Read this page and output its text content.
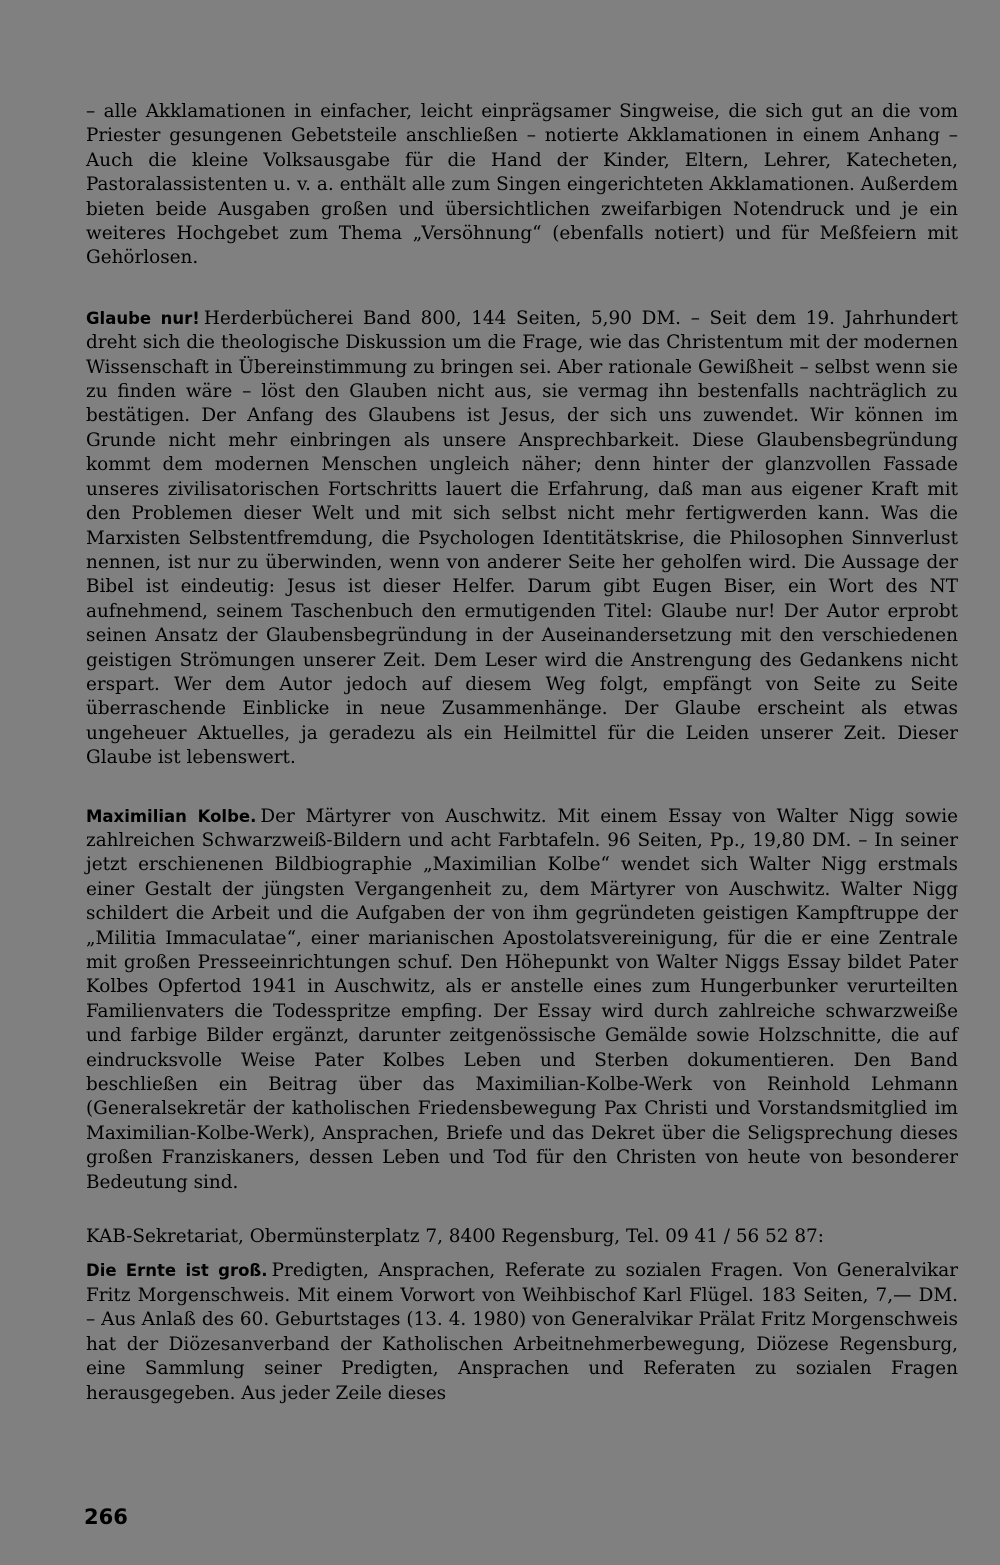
– alle Akklamationen in einfacher, leicht einprägsamer Singweise, die sich gut an die vom Priester gesungenen Gebetsteile anschließen – notierte Akklamationen in einem Anhang – Auch die kleine Volksausgabe für die Hand der Kinder, Eltern, Lehrer, Katecheten, Pastoralassistenten u. v. a. enthält alle zum Singen eingerichteten Akklamationen. Außerdem bieten beide Ausgaben großen und übersichtlichen zweifarbigen Notendruck und je ein weiteres Hochgebet zum Thema „Versöhnung“ (ebenfalls notiert) und für Meßfeiern mit Gehörlosen.

Glaube nur! Herderbücherei Band 800, 144 Seiten, 5,90 DM. – Seit dem 19. Jahrhundert dreht sich die theologische Diskussion um die Frage, wie das Christentum mit der modernen Wissenschaft in Übereinstimmung zu bringen sei. Aber rationale Gewißheit – selbst wenn sie zu finden wäre – löst den Glauben nicht aus, sie vermag ihn bestenfalls nachträglich zu bestätigen. Der Anfang des Glaubens ist Jesus, der sich uns zuwendet. Wir können im Grunde nicht mehr einbringen als unsere Ansprechbarkeit. Diese Glaubensbegründung kommt dem modernen Menschen ungleich näher; denn hinter der glanzvollen Fassade unseres zivilisatorischen Fortschritts lauert die Erfahrung, daß man aus eigener Kraft mit den Problemen dieser Welt und mit sich selbst nicht mehr fertigwerden kann. Was die Marxisten Selbstentfremdung, die Psychologen Identitätskrise, die Philosophen Sinnverlust nennen, ist nur zu überwinden, wenn von anderer Seite her geholfen wird. Die Aussage der Bibel ist eindeutig: Jesus ist dieser Helfer. Darum gibt Eugen Biser, ein Wort des NT aufnehmend, seinem Taschenbuch den ermutigenden Titel: Glaube nur! Der Autor erprobt seinen Ansatz der Glaubensbegründung in der Auseinandersetzung mit den verschiedenen geistigen Strömungen unserer Zeit. Dem Leser wird die Anstrengung des Gedankens nicht erspart. Wer dem Autor jedoch auf diesem Weg folgt, empfängt von Seite zu Seite überraschende Einblicke in neue Zusammenhänge. Der Glaube erscheint als etwas ungeheuer Aktuelles, ja geradezu als ein Heilmittel für die Leiden unserer Zeit. Dieser Glaube ist lebenswert.

Maximilian Kolbe. Der Märtyrer von Auschwitz. Mit einem Essay von Walter Nigg sowie zahlreichen Schwarzweiß-Bildern und acht Farbtafeln. 96 Seiten, Pp., 19,80 DM. – In seiner jetzt erschienenen Bildbiographie „Maximilian Kolbe“ wendet sich Walter Nigg erstmals einer Gestalt der jüngsten Vergangenheit zu, dem Märtyrer von Auschwitz. Walter Nigg schildert die Arbeit und die Aufgaben der von ihm gegründeten geistigen Kampftruppe der „Militia Immaculatae“, einer marianischen Apostolatsvereinigung, für die er eine Zentrale mit großen Presseeinrichtungen schuf. Den Höhepunkt von Walter Niggs Essay bildet Pater Kolbes Opfertod 1941 in Auschwitz, als er anstelle eines zum Hungerbunker verurteilten Familienvaters die Todesspritze empfing. Der Essay wird durch zahlreiche schwarzweiße und farbige Bilder ergänzt, darunter zeitgenössische Gemälde sowie Holzschnitte, die auf eindrucksvolle Weise Pater Kolbes Leben und Sterben dokumentieren. Den Band beschließen ein Beitrag über das Maximilian-Kolbe-Werk von Reinhold Lehmann (Generalsekretär der katholischen Friedensbewegung Pax Christi und Vorstandsmitglied im Maximilian-Kolbe-Werk), Ansprachen, Briefe und das Dekret über die Seligsprechung dieses großen Franziskaners, dessen Leben und Tod für den Christen von heute von besonderer Bedeutung sind.

KAB-Sekretariat, Obermünsterplatz 7, 8400 Regensburg, Tel. 09 41 / 56 52 87:

Die Ernte ist groß. Predigten, Ansprachen, Referate zu sozialen Fragen. Von Generalvikar Fritz Morgenschweis. Mit einem Vorwort von Weihbischof Karl Flügel. 183 Seiten, 7,— DM. – Aus Anlaß des 60. Geburtstages (13. 4. 1980) von Generalvikar Prälat Fritz Morgenschweis hat der Diözesanverband der Katholischen Arbeitnehmerbewegung, Diözese Regensburg, eine Sammlung seiner Predigten, Ansprachen und Referaten zu sozialen Fragen herausgegeben. Aus jeder Zeile dieses

266
